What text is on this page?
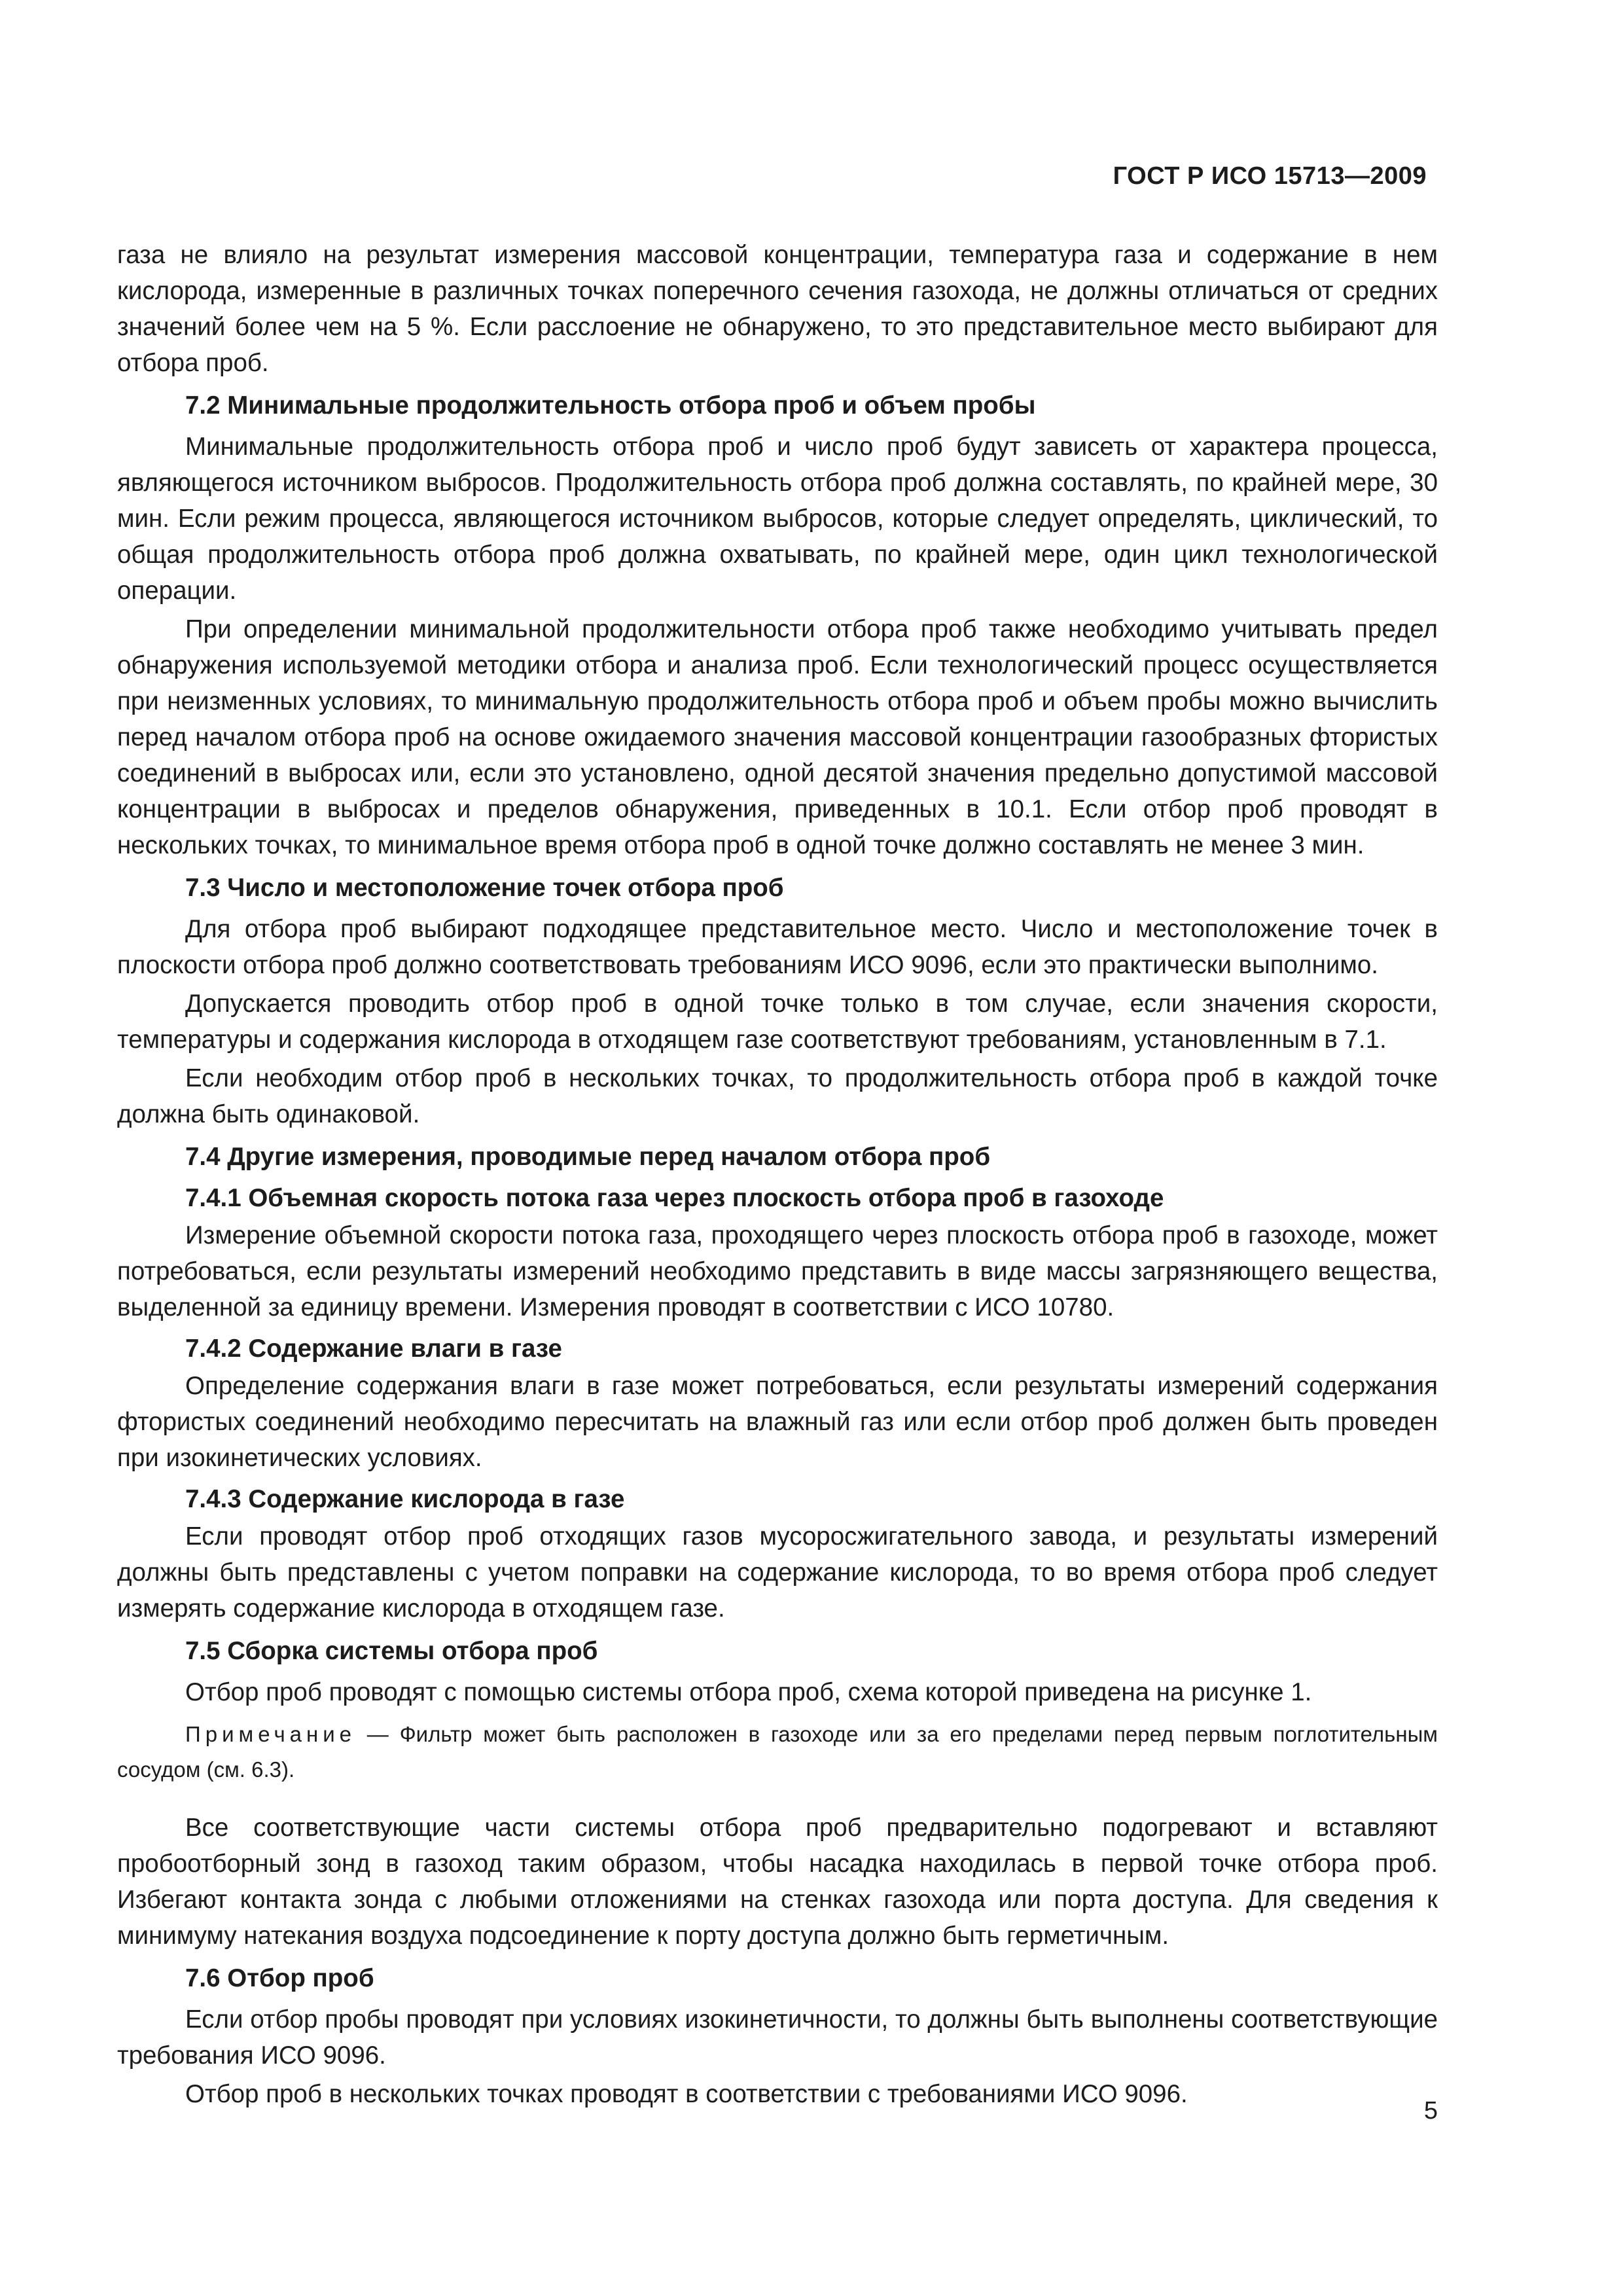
ГОСТ Р ИСО 15713—2009

газа не влияло на результат измерения массовой концентрации, температура газа и содержание в нем кислорода, измеренные в различных точках поперечного сечения газохода, не должны отличаться от средних значений более чем на 5 %. Если расслоение не обнаружено, то это представительное место выбирают для отбора проб.

7.2 Минимальные продолжительность отбора проб и объем пробы

Минимальные продолжительность отбора проб и число проб будут зависеть от характера процесса, являющегося источником выбросов. Продолжительность отбора проб должна составлять, по крайней мере, 30 мин. Если режим процесса, являющегося источником выбросов, которые следует определять, циклический, то общая продолжительность отбора проб должна охватывать, по крайней мере, один цикл технологической операции.

При определении минимальной продолжительности отбора проб также необходимо учитывать предел обнаружения используемой методики отбора и анализа проб. Если технологический процесс осуществляется при неизменных условиях, то минимальную продолжительность отбора проб и объем пробы можно вычислить перед началом отбора проб на основе ожидаемого значения массовой концентрации газообразных фтористых соединений в выбросах или, если это установлено, одной десятой значения предельно допустимой массовой концентрации в выбросах и пределов обнаружения, приведенных в 10.1. Если отбор проб проводят в нескольких точках, то минимальное время отбора проб в одной точке должно составлять не менее 3 мин.

7.3 Число и местоположение точек отбора проб

Для отбора проб выбирают подходящее представительное место. Число и местоположение точек в плоскости отбора проб должно соответствовать требованиям ИСО 9096, если это практически выполнимо.

Допускается проводить отбор проб в одной точке только в том случае, если значения скорости, температуры и содержания кислорода в отходящем газе соответствуют требованиям, установленным в 7.1.

Если необходим отбор проб в нескольких точках, то продолжительность отбора проб в каждой точке должна быть одинаковой.

7.4 Другие измерения, проводимые перед началом отбора проб
7.4.1 Объемная скорость потока газа через плоскость отбора проб в газоходе

Измерение объемной скорости потока газа, проходящего через плоскость отбора проб в газоходе, может потребоваться, если результаты измерений необходимо представить в виде массы загрязняющего вещества, выделенной за единицу времени. Измерения проводят в соответствии с ИСО 10780.

7.4.2 Содержание влаги в газе

Определение содержания влаги в газе может потребоваться, если результаты измерений содержания фтористых соединений необходимо пересчитать на влажный газ или если отбор проб должен быть проведен при изокинетических условиях.

7.4.3 Содержание кислорода в газе

Если проводят отбор проб отходящих газов мусоросжигательного завода, и результаты измерений должны быть представлены с учетом поправки на содержание кислорода, то во время отбора проб следует измерять содержание кислорода в отходящем газе.

7.5 Сборка системы отбора проб

Отбор проб проводят с помощью системы отбора проб, схема которой приведена на рисунке 1.

Примечание — Фильтр может быть расположен в газоходе или за его пределами перед первым поглотительным сосудом (см. 6.3).

Все соответствующие части системы отбора проб предварительно подогревают и вставляют пробоотборный зонд в газоход таким образом, чтобы насадка находилась в первой точке отбора проб. Избегают контакта зонда с любыми отложениями на стенках газохода или порта доступа. Для сведения к минимуму натекания воздуха подсоединение к порту доступа должно быть герметичным.

7.6 Отбор проб

Если отбор пробы проводят при условиях изокинетичности, то должны быть выполнены соответствующие требования ИСО 9096.

Отбор проб в нескольких точках проводят в соответствии с требованиями ИСО 9096.

5
